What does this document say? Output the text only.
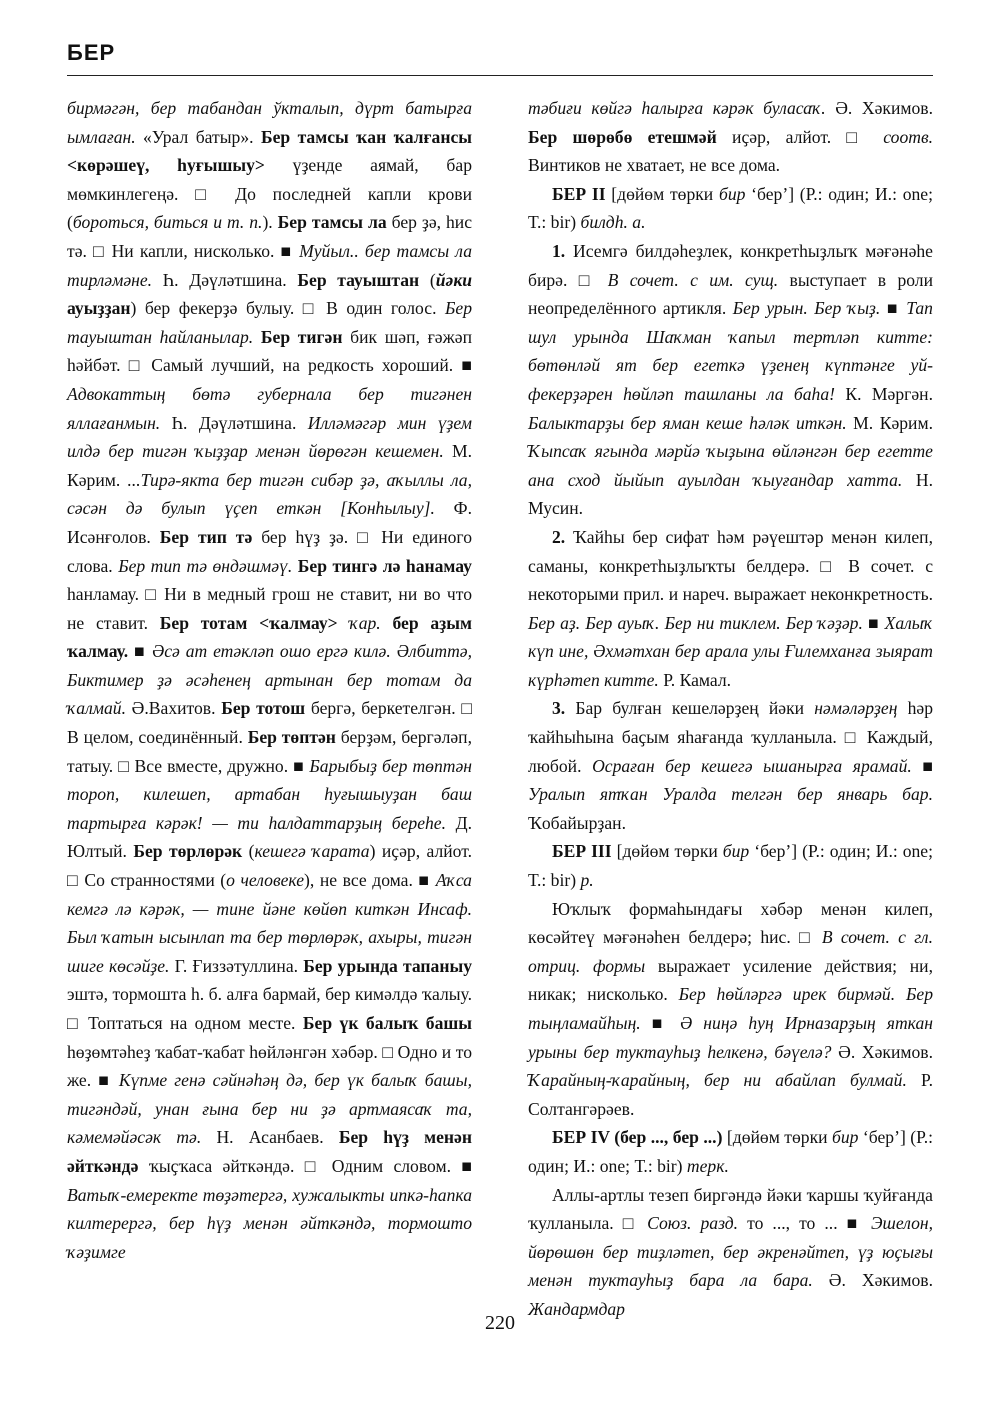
БЕР

бирмәгән, бер табандан ўкталып, дүрт батырға ымлаған. «Урал батыр». Бер тамсы ҡан ҡалғансы <көрәшеү, һуғышыу> үҙенде аямай, бар мөмкинлегеңә. □ До последней капли крови (бороться, биться и т. п.). Бер тамсы ла бер ҙә, һис тә. □ Ни капли, нисколько. ■ Муйыл.. бер тамсы ла тирләмәне. Һ. Дәүләтшина. Бер тауыштан (йәки ауыҙҙан) бер фекерҙә булыу. □ В один голос. Бер тауыштан һайланылар. Бер тигән бик шәп, ғәжәп һәйбәт. □ Самый лучший, на редкость хороший. ■ Адвокаттың бөтә губернала бер тигәнен яллағанмын. Һ. Дәүләтшина. Илләмәгәр мин үҙем илдә бер тигән ҡыҙҙар менән йөрөгән кешемен. М. Кәрим. ...Тирә-якта бер тигән сибәр ҙә, аҡыллы ла, сәсән дә булып үҫеп еткән [Конһылыу]. Ф. Исәнғолов. Бер тип тә бер һүҙ ҙә. □ Ни единого слова. Бер тип тә өндәшмәү. Бер тингә лә һанамау һанламау. □ Ни в медный грош не ставит, ни во что не ставит. Бер тотам <ҡалмау> ҡар. бер аҙым ҡалмау. ■ Әсә ат етәкләп ошо ергә килә. Әлбиттә, Биктимер ҙә әсәһенең артынан бер тотам да ҡалмай. Ә.Вахитов. Бер тотош бергә, беркетелгән. □ В целом, соединённый. Бер төптән берҙәм, бергәләп, татыу. □ Все вместе, дружно. ■ Барыбыҙ бер төптән тороп, килешеп, артабан һуғышыуҙан баш тартырға кәрәк! — ти һалдаттарҙың береһе. Д. Юлтый. Бер төрлөрәк (кешегә ҡарата) иҫәр, алйот. □ Со странностями (о человеке), не все дома. ■ Аҡса кемгә лә кәрәк, — тине йәне көйөп киткән Инсаф. Был ҡатын ысынлап та бер төрлөрәк, ахыры, тигән шиге көсәйҙе. Г. Ғиззәтуллина. Бер урында тапаныу эштә, тормошта һ. б. алға бармай, бер кимәлдә ҡалыу. □ Топтаться на одном месте. Бер үк балыҡ башы һөҙөмтәһеҙ ҡабат-ҡабат һөйләнгән хәбәр. □ Одно и то же. ■ Күпме генә сәйнәһәң дә, бер үк балыҡ башы, тигәндәй, унан ғына бер ни ҙә артмаясаҡ та, кәмемәйәсәк тә. Н. Асанбаев. Бер һүҙ менән әйткәндә ҡыҫҡаса әйткәндә. □ Одним словом. ■ Ватыҡ-емеректе төҙәтергә, хужалыкты ипкә-һапка килтерергә, бер һүҙ менән әйткәндә, тормошто ҡәҙимге

тәбиғи көйгә һалырға кәрәк буласаҡ. Ә. Хәкимов. Бер шөрөбө етешмәй иҫәр, алйот. □ соотв. Винтиков не хватает, не все дома.

БЕР II [дөйөм төрки бир ‘бер’] (Р.: один; И.: one; Т.: bir) билдһ. а.

1. Исемгә билдәһеҙлек, конкретһыҙлыҡ мәғәнәһе бирә. □ В сочет. с им. сущ. выступает в роли неопределённого артикля. Бер урын. Бер ҡыҙ. ■ Тап шул урында Шаҡман ҡапыл тертләп китте: бөтөнләй ят бер егеткә үҙенең күптәнге уй-фекерҙәрен һөйләп ташланы ла баһа! К. Мәргән. Балыктарҙы бер яман кеше һәләк иткән. М. Кәрим. Ҡыпсаҡ ягында мәрйә ҡыҙына өйләнгән бер егетте ана сход йыйып ауылдан ҡыуғандар хатта. Н. Мусин.

2. Ҡайһы бер сифат һәм рәүештәр менән килеп, саманы, конкретһыҙлыҡты белдерә. □ В сочет. с некоторыми прил. и нареч. выражает неконкретность. Бер аҙ. Бер ауыҡ. Бер ни тиклем. Бер ҡәҙәр. ■ Халыҡ күп ине, Әхмәтхан бер арала улы Ғилемханға зыярат күрһәтеп китте. Р. Камал.

3. Бар булған кешеләрҙең йәки нәмәләрҙең һәр ҡайһыһына баҫым яһағанда ҡулланыла. □ Каждый, любой. Осраған бер кешегә ышанырға ярамай. ■ Уралып ятҡан Уралда телгән бер январь бар. Ҡобайырҙан.

БЕР III [дөйөм төрки бир ‘бер’] (Р.: один; И.: one; Т.: bir) р.

Юҡлыҡ формаһындағы хәбәр менән килеп, көсәйтеү мәғәнәһен белдерә; һис. □ В сочет. с гл. отриц. формы выражает усиление действия; ни, никак; нисколько. Бер һөйләргә ирек бирмәй. Бер тыңламайһың. ■ Ә ниңә һуң Ирназарҙың яткан урыны бер туктауһыҙ һелкенә, бәүелә? Ә. Хәкимов. Ҡарайның-ҡарайның, бер ни абайлап булмай. Р. Солтангәрәев.

БЕР IV (бер ..., бер ...) [дөйөм төрки бир ‘бер’] (Р.: один; И.: one; Т.: bir) терк.

Аллы-артлы тезеп биргәндә йәки ҡаршы ҡуйғанда ҡулланыла. □ Союз. разд. то ..., то ... ■ Эшелон, йөрөшөн бер тиҙләтеп, бер әкренәйтеп, үҙ юҫығы менән туктауһыҙ бара ла бара. Ә. Хәкимов. Жандармдар

220
